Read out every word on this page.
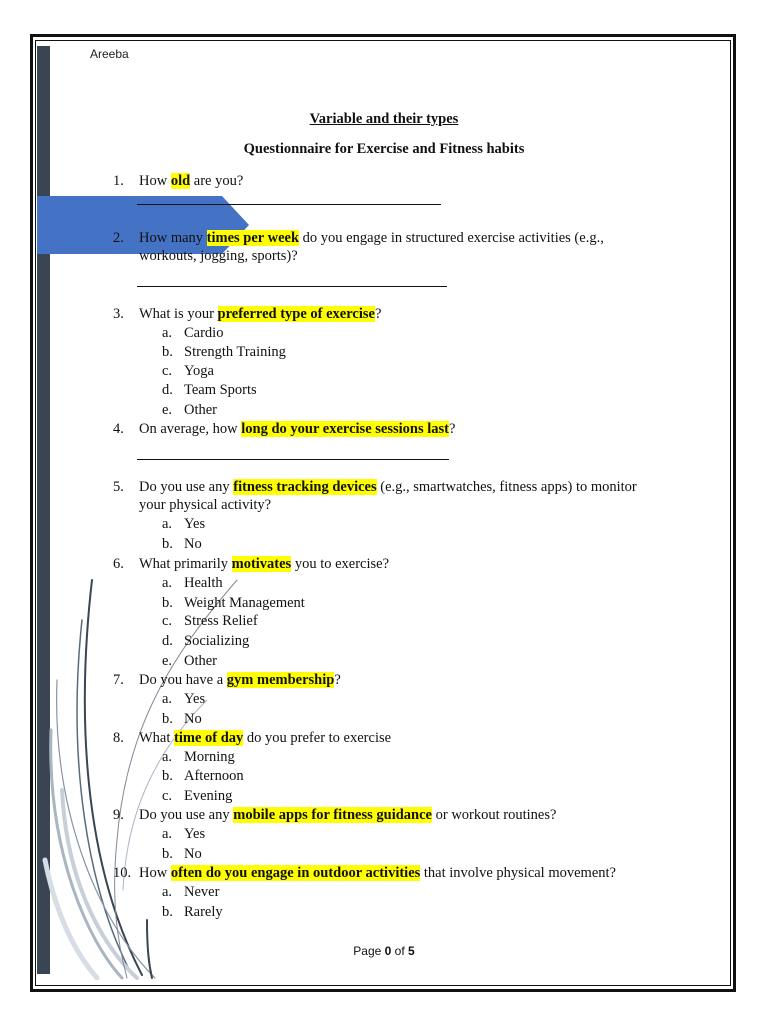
Areeba
Variable and their types
Questionnaire for Exercise and Fitness habits
1. How old are you?
2. How many times per week do you engage in structured exercise activities (e.g.,
workouts, jogging, sports)?
3. What is your preferred type of exercise?
a. Cardio
b. Strength Training
c. Yoga
d. Team Sports
e. Other
4. On average, how long do your exercise sessions last?
5. Do you use any fitness tracking devices (e.g., smartwatches, fitness apps) to monitor
your physical activity?
a. Yes
b. No
6. What primarily motivates you to exercise?
a. Health
b. Weight Management
c. Stress Relief
d. Socializing
e. Other
7. Do you have a gym membership?
a. Yes
b. No
8. What time of day do you prefer to exercise
a. Morning
b. Afternoon
c. Evening
9. Do you use any mobile apps for fitness guidance or workout routines?
a. Yes
b. No
10. How often do you engage in outdoor activities that involve physical movement?
a. Never
b. Rarely
Page 0 of 5
